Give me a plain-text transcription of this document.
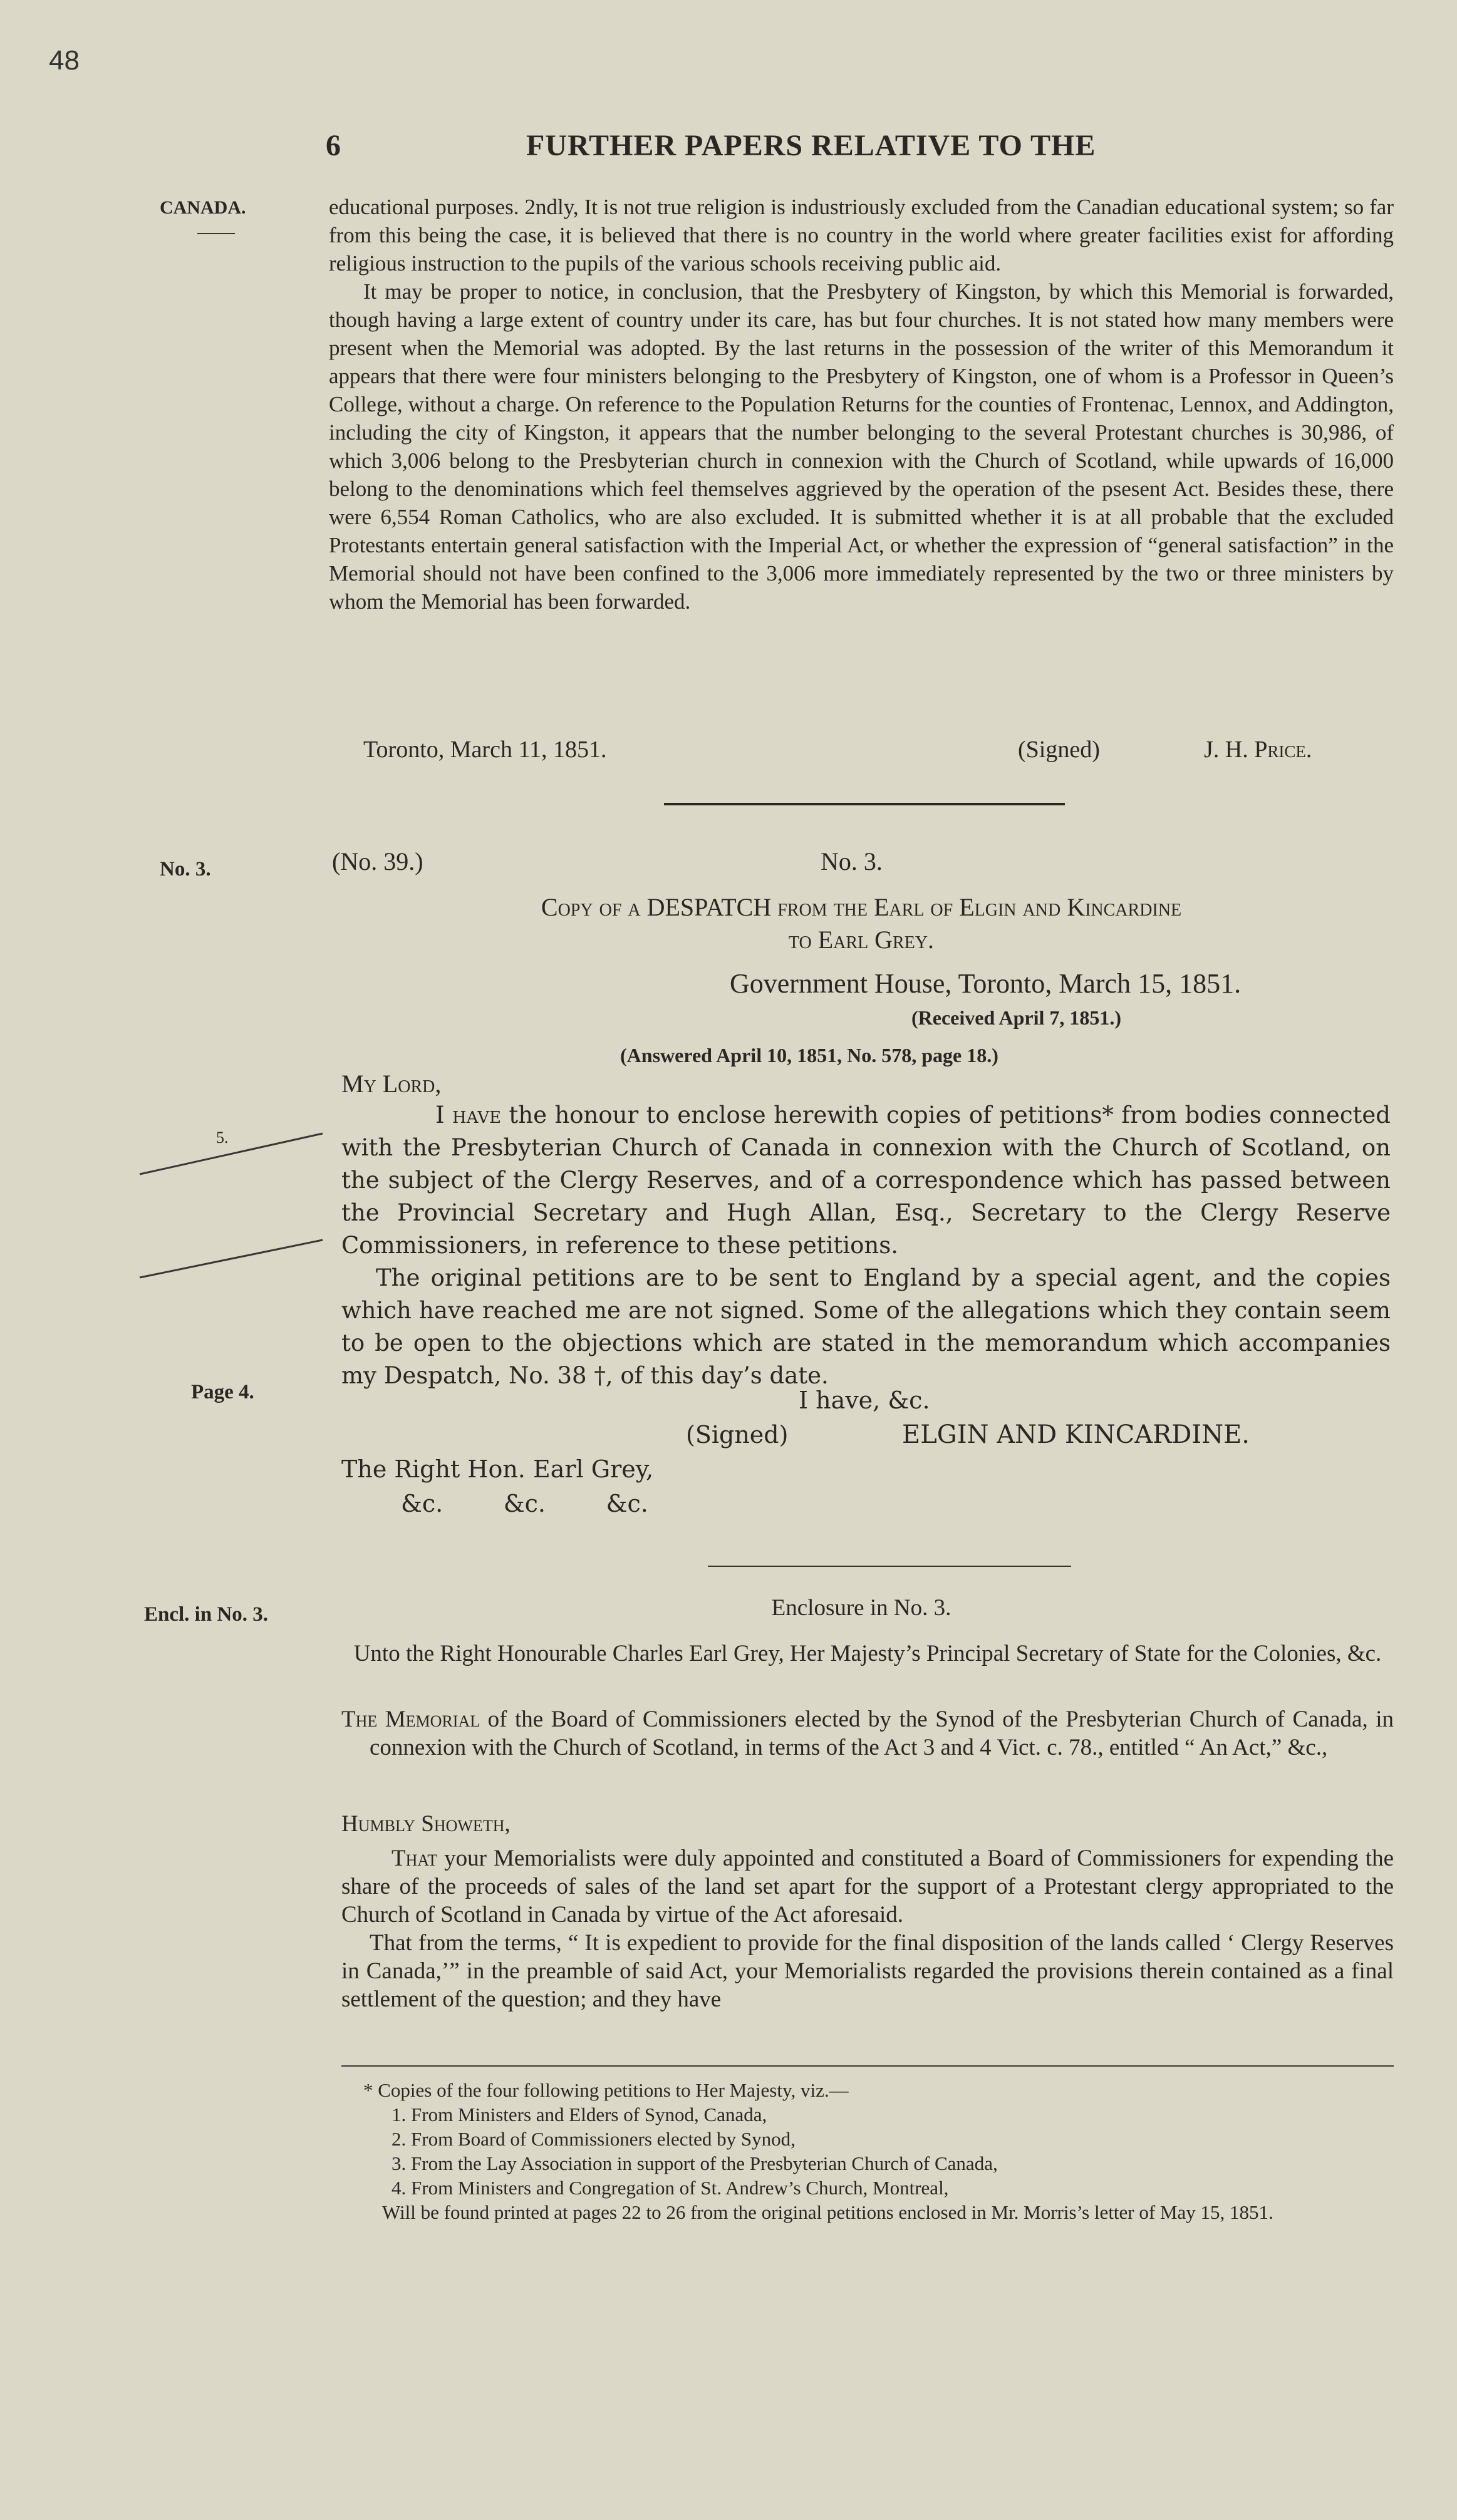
48
6	FURTHER PAPERS RELATIVE TO THE
CANADA.
No. 3.
5.
Page 4.
Encl. in No. 3.

educational purposes. 2ndly, It is not true religion is industriously excluded from the Canadian educational system; so far from this being the case, it is believed that there is no country in the world where greater facilities exist for affording religious instruction to the pupils of the various schools receiving public aid.

It may be proper to notice, in conclusion, that the Presbytery of Kingston, by which this Memorial is forwarded, though having a large extent of country under its care, has but four churches. It is not stated how many members were present when the Memorial was adopted. By the last returns in the possession of the writer of this Memorandum it appears that there were four ministers belonging to the Presbytery of Kingston, one of whom is a Professor in Queen’s College, without a charge. On reference to the Population Returns for the counties of Frontenac, Lennox, and Addington, including the city of Kingston, it appears that the number belonging to the several Protestant churches is 30,986, of which 3,006 belong to the Presbyterian church in connexion with the Church of Scotland, while upwards of 16,000 belong to the denominations which feel themselves aggrieved by the operation of the psesent Act. Besides these, there were 6,554 Roman Catholics, who are also excluded. It is submitted whether it is at all probable that the excluded Protestants entertain general satisfaction with the Imperial Act, or whether the expression of “general satisfaction” in the Memorial should not have been confined to the 3,006 more immediately represented by the two or three ministers by whom the Memorial has been forwarded.

Toronto, March 11, 1851.	(Signed)	J. H. Price.
(No. 39.)	No. 3.
Copy of a DESPATCH from the Earl of Elgin and Kincardine
to Earl Grey.
Government House, Toronto, March 15, 1851.
(Received April 7, 1851.)
(Answered April 10, 1851, No. 578, page 18.)
My Lord,

I have the honour to enclose herewith copies of petitions* from bodies connected with the Presbyterian Church of Canada in connexion with the Church of Scotland, on the subject of the Clergy Reserves, and of a correspondence which has passed between the Provincial Secretary and Hugh Allan, Esq., Secretary to the Clergy Reserve Commissioners, in reference to these petitions.

The original petitions are to be sent to England by a special agent, and the copies which have reached me are not signed. Some of the allegations which they contain seem to be open to the objections which are stated in the memorandum which accompanies my Despatch, No. 38 †, of this day’s date.

I have, &c.
(Signed)	ELGIN AND KINCARDINE.
The Right Hon. Earl Grey,
&c.        &c.        &c.
Enclosure in No. 3.
Unto the Right Honourable Charles Earl Grey, Her Majesty’s Principal Secretary of State for the Colonies, &c.

The Memorial of the Board of Commissioners elected by the Synod of the Presbyterian Church of Canada, in connexion with the Church of Scotland, in terms of the Act 3 and 4 Vict. c. 78., entitled “ An Act,” &c.,

Humbly Showeth,

That your Memorialists were duly appointed and constituted a Board of Commissioners for expending the share of the proceeds of sales of the land set apart for the support of a Protestant clergy appropriated to the Church of Scotland in Canada by virtue of the Act aforesaid.

That from the terms, “ It is expedient to provide for the final disposition of the lands called ‘ Clergy Reserves in Canada,’” in the preamble of said Act, your Memorialists regarded the provisions therein contained as a final settlement of the question; and they have

* Copies of the four following petitions to Her Majesty, viz.—
1. From Ministers and Elders of Synod, Canada,
2. From Board of Commissioners elected by Synod,
3. From the Lay Association in support of the Presbyterian Church of Canada,
4. From Ministers and Congregation of St. Andrew’s Church, Montreal,
Will be found printed at pages 22 to 26 from the original petitions enclosed in Mr. Morris’s letter of May 15, 1851.
